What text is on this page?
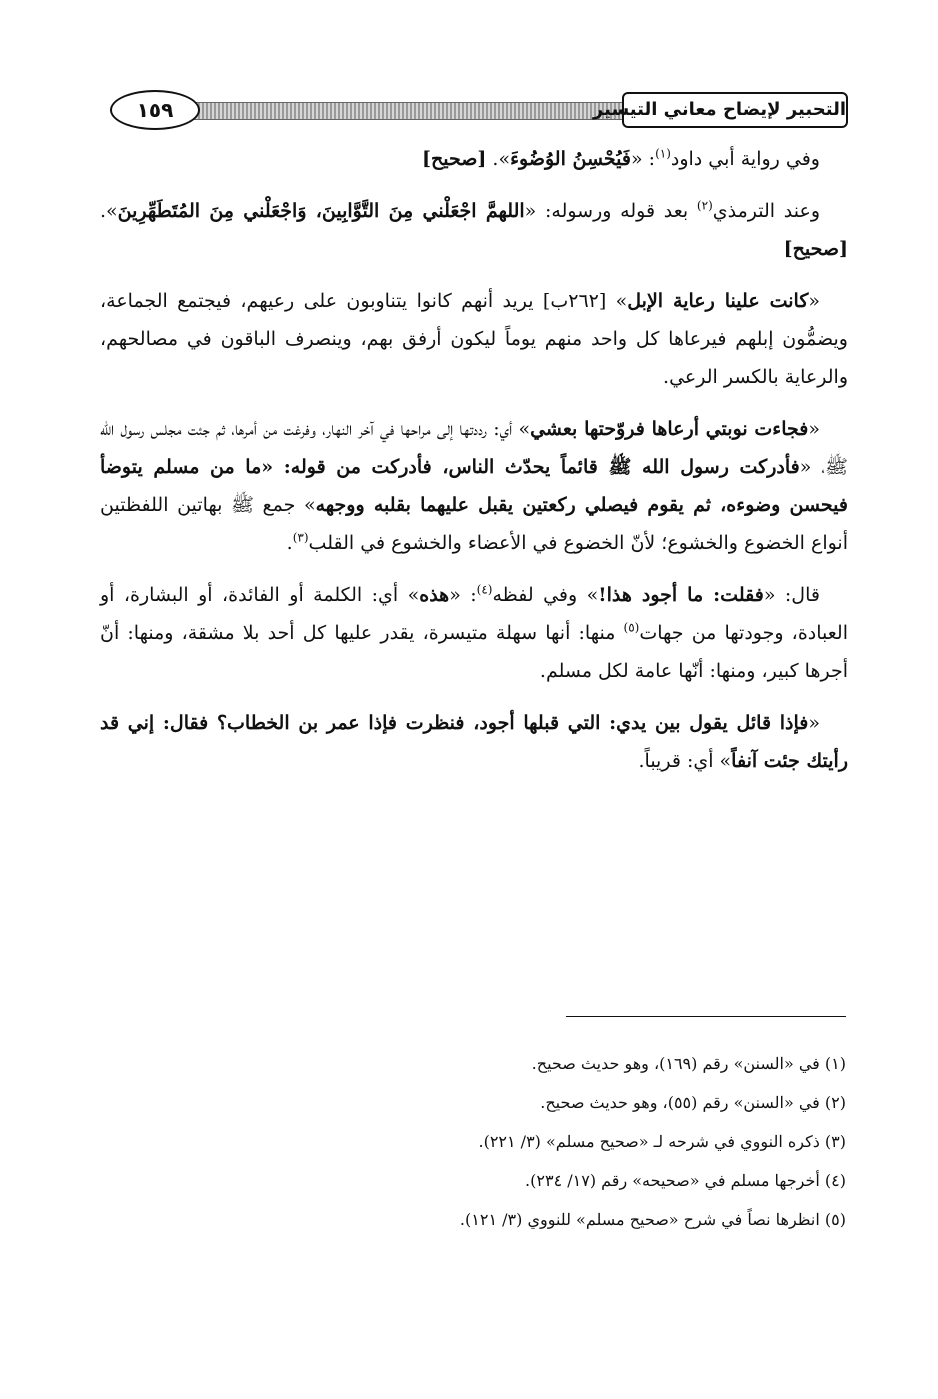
التحبير لإيضاح معاني التيسير
١٥٩

وفي رواية أبي داود$^{(١)}$: «فَيُحْسِنُ الوُضُوءَ». [صحيح]

وعند الترمذي$^{(٢)}$ بعد قوله ورسوله: «اللهمَّ اجْعَلْني مِنَ التَّوَّابِينَ، وَاجْعَلْني مِنَ المُتَطَهِّرِينَ». [صحيح]

«كانت علينا رعاية الإبل» [٢٦٢ب] يريد أنهم كانوا يتناوبون على رعيهم، فيجتمع الجماعة، ويضمُّون إبلهم فيرعاها كل واحد منهم يوماً ليكون أرفق بهم، وينصرف الباقون في مصالحهم، والرعاية بالكسر الرعي.

«فجاءت نوبتي أرعاها فروّحتها بعشي» أي: رددتها إلى مراحها في آخر النهار، وفرغت من أمرها، ثم جئت مجلس رسول الله ﷺ، «فأدركت رسول الله ﷺ قائماً يحدّث الناس، فأدركت من قوله: «ما من مسلم يتوضأ فيحسن وضوءه، ثم يقوم فيصلي ركعتين يقبل عليهما بقلبه ووجهه» جمع ﷺ بهاتين اللفظتين أنواع الخضوع والخشوع؛ لأنّ الخضوع في الأعضاء والخشوع في القلب$^{(٣)}$.

قال: «فقلت: ما أجود هذا!» وفي لفظه$^{(٤)}$: «هذه» أي: الكلمة أو الفائدة، أو البشارة، أو العبادة، وجودتها من جهات$^{(٥)}$ منها: أنها سهلة متيسرة، يقدر عليها كل أحد بلا مشقة، ومنها: أنّ أجرها كبير، ومنها: أنّها عامة لكل مسلم.

«فإذا قائل يقول بين يدي: التي قبلها أجود، فنظرت فإذا عمر بن الخطاب؟ فقال: إني قد رأيتك جئت آنفاً» أي: قريباً.

(١) في «السنن» رقم (١٦٩)، وهو حديث صحيح.

(٢) في «السنن» رقم (٥٥)، وهو حديث صحيح.

(٣) ذكره النووي في شرحه لـ «صحيح مسلم» (٣/ ٢٢١).

(٤) أخرجها مسلم في «صحيحه» رقم (١٧/ ٢٣٤).

(٥) انظرها نصاً في شرح «صحيح مسلم» للنووي (٣/ ١٢١).
